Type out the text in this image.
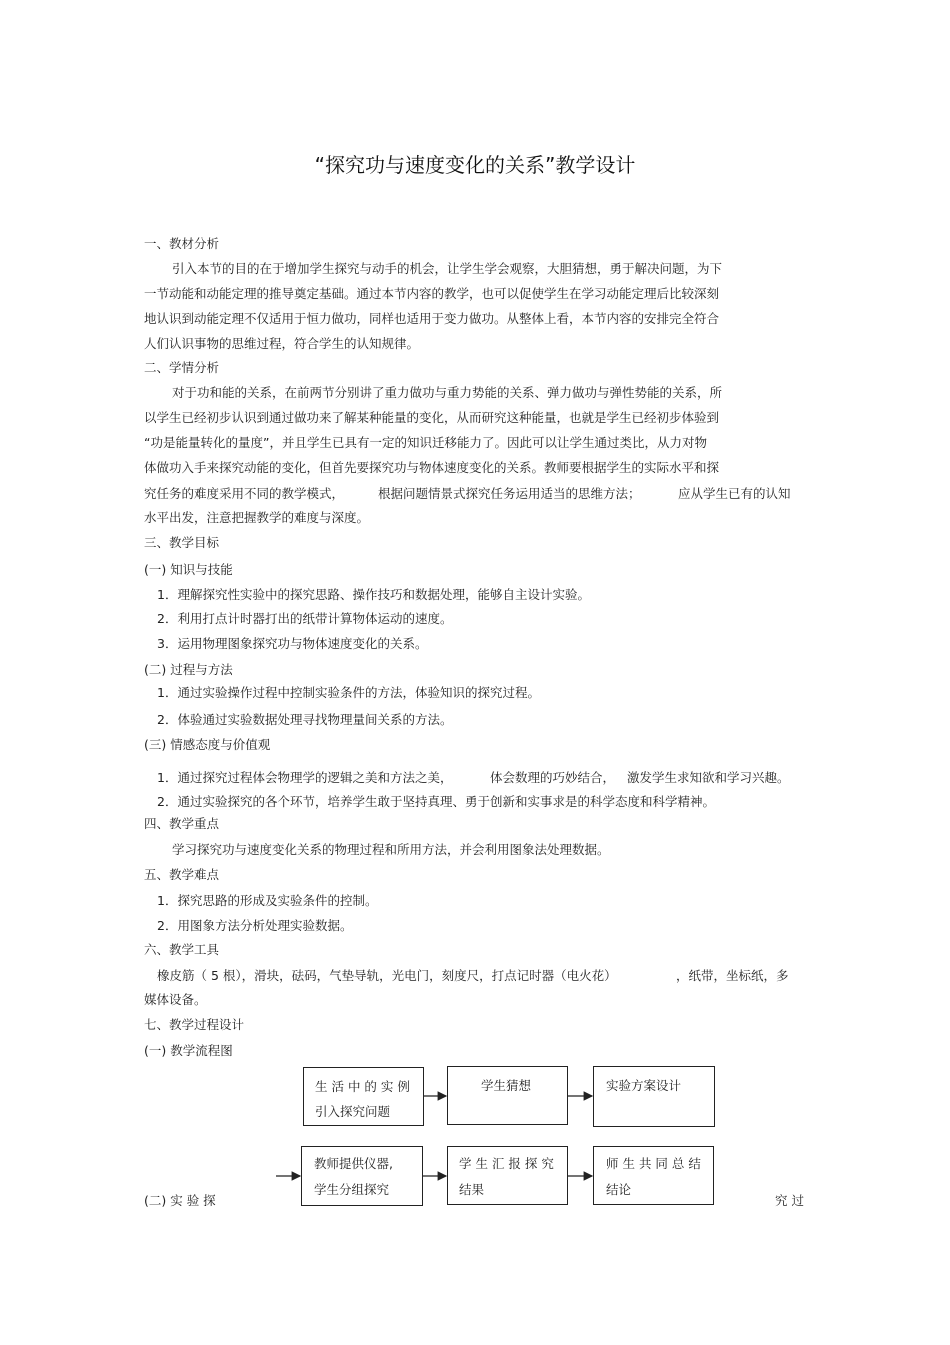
“探究功与速度变化的关系”教学设计
一、教材分析
引入本节的目的在于增加学生探究与动手的机会，让学生学会观察，大胆猜想，勇于解决问题，为下
一节动能和动能定理的推导奠定基础。通过本节内容的教学，也可以促使学生在学习动能定理后比较深刻
地认识到动能定理不仅适用于恒力做功，同样也适用于变力做功。从整体上看，本节内容的安排完全符合
人们认识事物的思维过程，符合学生的认知规律。
二、学情分析
对于功和能的关系，在前两节分别讲了重力做功与重力势能的关系、弹力做功与弹性势能的关系，所
以学生已经初步认识到通过做功来了解某种能量的变化，从而研究这种能量，也就是学生已经初步体验到
“功是能量转化的量度”，并且学生已具有一定的知识迁移能力了。因此可以让学生通过类比，从力对物
体做功入手来探究动能的变化，但首先要探究功与物体速度变化的关系。教师要根据学生的实际水平和探
究任务的难度采用不同的教学模式，	根据问题情景式探究任务运用适当的思维方法；	应从学生已有的认知
水平出发，注意把握教学的难度与深度。
三、教学目标
(一) 知识与技能
1．理解探究性实验中的探究思路、操作技巧和数据处理，能够自主设计实验。
2．利用打点计时器打出的纸带计算物体运动的速度。
3．运用物理图象探究功与物体速度变化的关系。
(二) 过程与方法
1．通过实验操作过程中控制实验条件的方法，体验知识的探究过程。
2．体验通过实验数据处理寻找物理量间关系的方法。
(三) 情感态度与价值观
1．通过探究过程体会物理学的逻辑之美和方法之美，	体会数理的巧妙结合， 激发学生求知欲和学习兴趣。
2．通过实验探究的各个环节，培养学生敢于坚持真理、勇于创新和实事求是的科学态度和科学精神。
四、教学重点
学习探究功与速度变化关系的物理过程和所用方法，并会利用图象法处理数据。
五、教学难点
1．探究思路的形成及实验条件的控制。
2．用图象方法分析处理实验数据。
六、教学工具
橡皮筋（ 5 根），滑块，砝码，气垫导轨，光电门，刻度尺，打点记时器（电火花）	，纸带，坐标纸，多
媒体设备。
七、教学过程设计
(一) 教学流程图
生 活 中 的 实 例
引入探究问题
学生猜想	实验方案设计
教师提供仪器,
学生分组探究
学 生 汇 报 探 究
结果
师 生 共 同 总 结
结论
(二) 实 验 探	究 过
